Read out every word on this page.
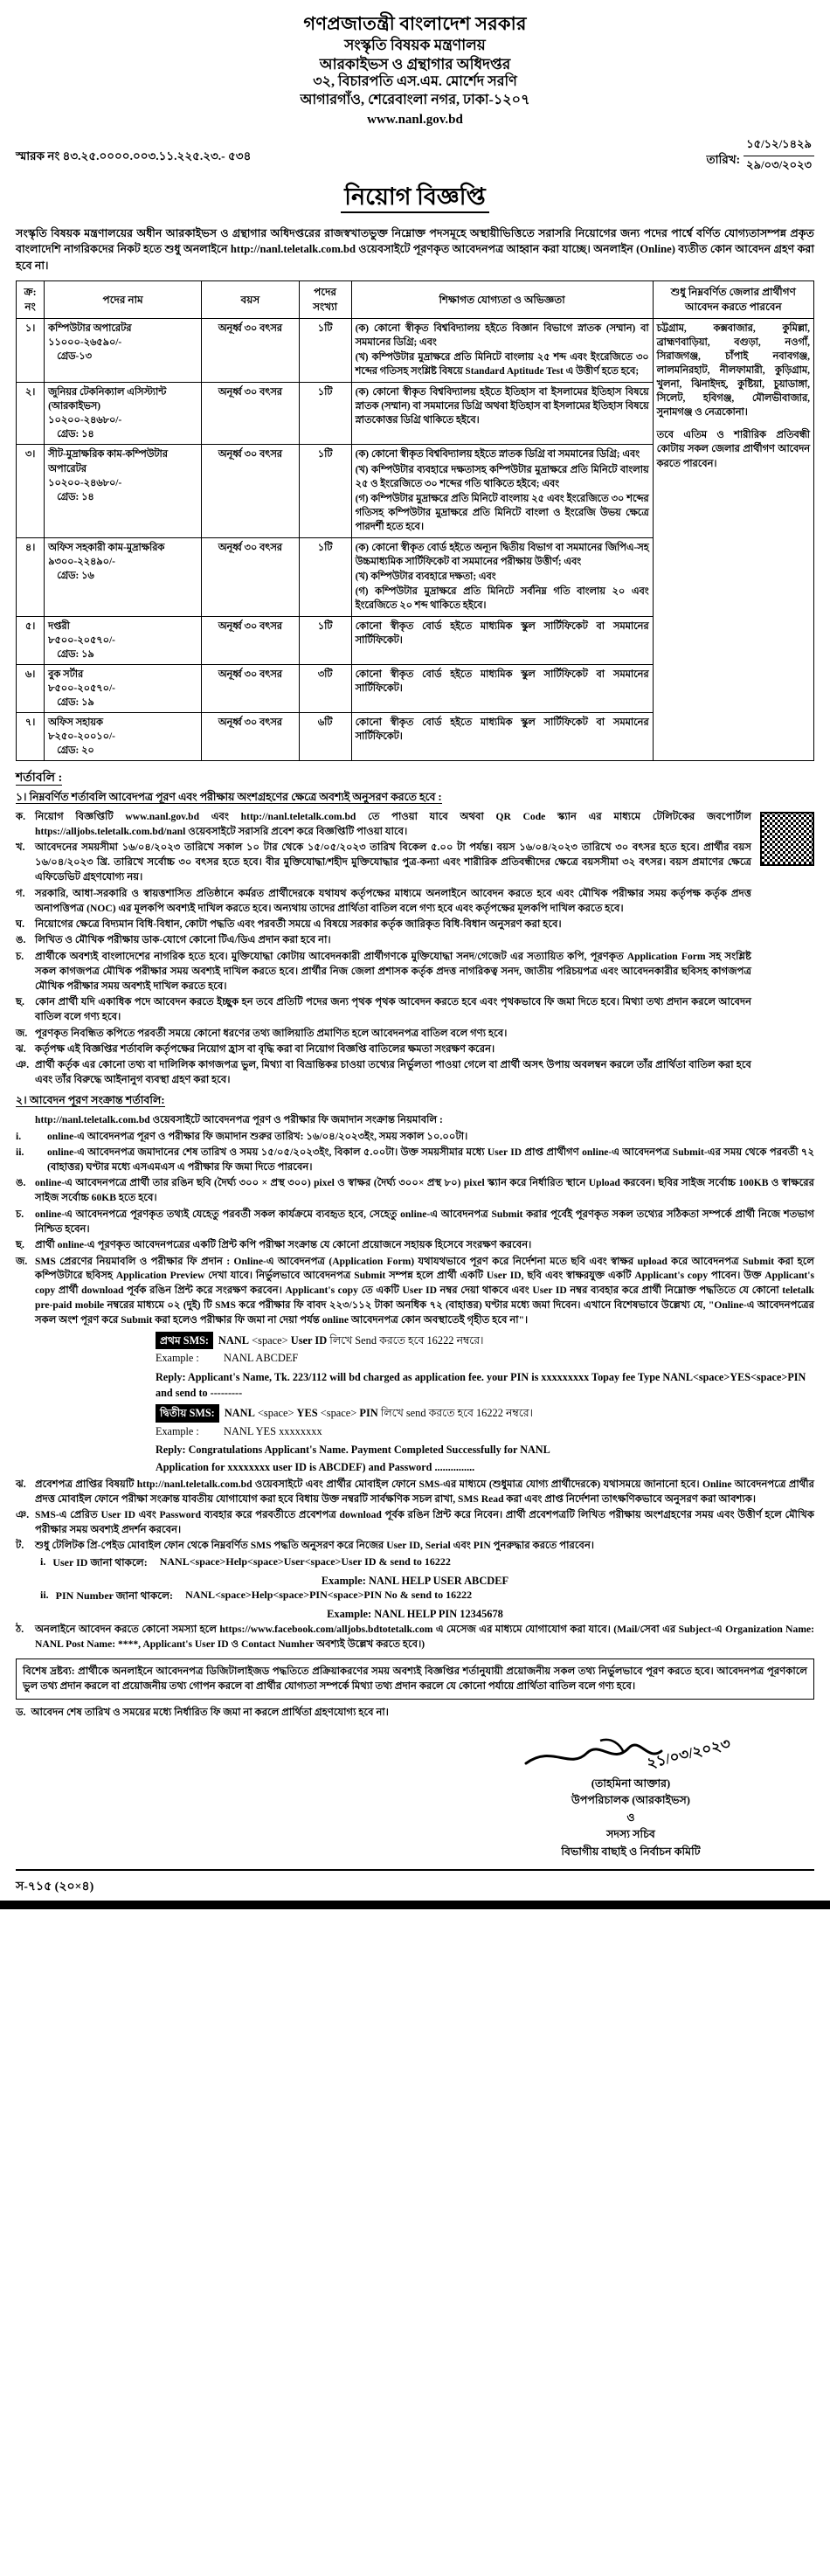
গণপ্রজাতন্ত্রী বাংলাদেশ সরকার
সংস্কৃতি বিষয়ক মন্ত্রণালয়
আরকাইভস ও গ্রন্থাগার অধিদপ্তর
৩২, বিচারপতি এস.এম. মোর্শেদ সরণি
আগারগাঁও, শেরেবাংলা নগর, ঢাকা-১২০৭
www.nanl.gov.bd
স্মারক নং ৪৩.২৫.০০০০.০০৩.১১.২২৫.২৩.- ৫৩৪	তারিখ:
১৫/১২/১৪২৯
২৯/০৩/২০২৩
নিয়োগ বিজ্ঞপ্তি
সংস্কৃতি বিষয়ক মন্ত্রণালয়ের অধীন আরকাইভস ও গ্রন্থাগার অধিদপ্তরের রাজস্বখাতভুক্ত নিম্নোক্ত পদসমূহে অস্থায়ীভিত্তিতে সরাসরি নিয়োগের জন্য পদের পার্শ্বে বর্ণিত যোগ্যতাসম্পন্ন প্রকৃত বাংলাদেশি নাগরিকদের নিকট হতে শুধু অনলাইনে http://nanl.teletalk.com.bd ওয়েবসাইটে পূরণকৃত আবেদনপত্র আহ্বান করা যাচ্ছে। অনলাইন (Online) ব্যতীত কোন আবেদন গ্রহণ করা হবে না।
ক্র: নং	পদের নাম	বয়স	পদের সংখ্যা	শিক্ষাগত যোগ্যতা ও অভিজ্ঞতা	শুধু নিম্নবর্ণিত জেলার প্রার্থীগণ আবেদন করতে পারবেন
১।	কম্পিউটার অপারেটর
১১০০০-২৬৫৯০/-
গ্রেড-১৩
	অনূর্ধ্ব ৩০ বৎসর	১টি	(ক) কোনো স্বীকৃত বিশ্ববিদ্যালয় হইতে বিজ্ঞান বিভাগে স্নাতক (সম্মান) বা সমমানের ডিগ্রি; এবং
(খ) কম্পিউটার মুদ্রাক্ষরে প্রতি মিনিটে বাংলায় ২৫ শব্দ এবং ইংরেজিতে ৩০ শব্দের গতিসহ সংশ্লিষ্ট বিষয়ে Standard Aptitude Test এ উত্তীর্ণ হতে হবে;
	চট্টগ্রাম, কক্সবাজার, কুমিল্লা, ব্রাহ্মণবাড়িয়া, বগুড়া, নওগাঁ, সিরাজগঞ্জ, চাঁপাই নবাবগঞ্জ, লালমনিরহাট, নীলফামারী, কুড়িগ্রাম, খুলনা, ঝিনাইদহ, কুষ্টিয়া, চুয়াডাঙ্গা, সিলেট, হবিগঞ্জ, মৌলভীবাজার, সুনামগঞ্জ ও নেত্রকোনা।
তবে এতিম ও শারীরিক প্রতিবন্ধী কোটায় সকল জেলার প্রার্থীগণ আবেদন করতে পারবেন।

২।	জুনিয়র টেকনিক্যাল এসিস্ট্যান্ট (আরকাইভস)
১০২০০-২৪৬৮০/-
গ্রেড: ১৪	অনূর্ধ্ব ৩০ বৎসর	১টি	(ক) কোনো স্বীকৃত বিশ্ববিদ্যালয় হইতে ইতিহাস বা ইসলামের ইতিহাস বিষয়ে স্নাতক (সম্মান) বা সমমানের ডিগ্রি অথবা ইতিহাস বা ইসলামের ইতিহাস বিষয়ে স্নাতকোত্তর ডিগ্রি থাকিতে হইবে।	

৩।	সীট-মুদ্রাক্ষরিক কাম-কম্পিউটার অপারেটর
১০২০০-২৪৬৮০/-
গ্রেড: ১৪
	অনূর্ধ্ব ৩০ বৎসর	১টি	(ক) কোনো স্বীকৃত বিশ্ববিদ্যালয় হইতে স্নাতক ডিগ্রি বা সমমানের ডিগ্রি; এবং
(খ) কম্পিউটার ব্যবহারে দক্ষতাসহ কম্পিউটার মুদ্রাক্ষরে প্রতি মিনিটে বাংলায় ২৫ ও ইংরেজিতে ৩০ শব্দের গতি থাকিতে হইবে; এবং
(গ) কম্পিউটার মুদ্রাক্ষরে প্রতি মিনিটে বাংলায় ২৫ এবং ইংরেজিতে ৩০ শব্দের গতিসহ কম্পিউটার মুদ্রাক্ষরে প্রতি মিনিটে বাংলা ও ইংরেজি উভয় ক্ষেত্রে পারদর্শী হতে হবে।

৪।	অফিস সহকারী কাম-মুদ্রাক্ষরিক
৯৩০০-২২৪৯০/-
গ্রেড: ১৬
	অনূর্ধ্ব ৩০ বৎসর	১টি	(ক) কোনো স্বীকৃত বোর্ড হইতে অন্যূন দ্বিতীয় বিভাগ বা সমমানের জিপিএ-সহ উচ্চমাধ্যমিক সার্টিফিকেট বা সমমানের পরীক্ষায় উত্তীর্ণ; এবং
(খ) কম্পিউটার ব্যবহারে দক্ষতা; এবং
(গ) কম্পিউটার মুদ্রাক্ষরে প্রতি মিনিটে সর্বনিম্ন গতি বাংলায় ২০ এবং ইংরেজিতে ২০ শব্দ থাকিতে হইবে।

৫।	দপ্তরী
৮৫০০-২০৫৭০/-
গ্রেড: ১৯	অনূর্ধ্ব ৩০ বৎসর	১টি	কোনো স্বীকৃত বোর্ড হইতে মাধ্যমিক স্কুল সার্টিফিকেট বা সমমানের সার্টিফিকেট।	

৬।	বুক সর্টার
৮৫০০-২০৫৭০/-
গ্রেড: ১৯	অনূর্ধ্ব ৩০ বৎসর	৩টি	কোনো স্বীকৃত বোর্ড হইতে মাধ্যমিক স্কুল সার্টিফিকেট বা সমমানের সার্টিফিকেট।	

৭।	অফিস সহায়ক
৮২৫০-২০০১০/-
গ্রেড: ২০	অনূর্ধ্ব ৩০ বৎসর	৬টি	কোনো স্বীকৃত বোর্ড হইতে মাধ্যমিক স্কুল সার্টিফিকেট বা সমমানের সার্টিফিকেট।	
শর্তাবলি :
১। নিম্নবর্ণিত শর্তাবলি আবেদপত্র পূরণ এবং পরীক্ষায় অংশগ্রহণের ক্ষেত্রে অবশ্যই অনুসরণ করতে হবে :
ক. নিয়োগ বিজ্ঞপ্তিটি www.nanl.gov.bd এবং http://nanl.teletalk.com.bd তে পাওয়া যাবে অথবা QR Code স্ক্যান এর মাধ্যমে টেলিটকের জবপোর্টাল https://alljobs.teletalk.com.bd/nanl ওয়েবসাইটে সরাসরি প্রবেশ করে বিজ্ঞপ্তিটি পাওয়া যাবে।
খ. আবেদনের সময়সীমা ১৬/০৪/২০২৩ তারিখে সকাল ১০ টার থেকে ১৫/০৫/২০২৩ তারিখ বিকেল ৫.০০ টা পর্যন্ত। বয়স ১৬/০৪/২০২৩ তারিখে ৩০ বৎসর হতে হবে। প্রার্থীর বয়স ১৬/০৪/২০২৩ খ্রি. তারিখে সর্বোচ্চ ৩০ বৎসর হতে হবে। বীর মুক্তিযোদ্ধা/শহীদ মুক্তিযোদ্ধার পুত্র-কন্যা এবং শারীরিক প্রতিবন্ধীদের ক্ষেত্রে বয়সসীমা ৩২ বৎসর। বয়স প্রমাণের ক্ষেত্রে এফিডেভিট গ্রহণযোগ্য নয়।
গ. সরকারি, আধা-সরকারি ও স্বায়ত্তশাসিত প্রতিষ্ঠানে কর্মরত প্রার্থীদেরকে যথাযথ কর্তৃপক্ষের মাধ্যমে অনলাইনে আবেদন করতে হবে এবং মৌখিক পরীক্ষার সময় কর্তৃপক্ষ কর্তৃক প্রদত্ত অনাপত্তিপত্র (NOC) এর মূলকপি অবশ্যই দাখিল করতে হবে। অন্যথায় তাদের প্রার্থিতা বাতিল বলে গণ্য হবে এবং কর্তৃপক্ষের মূলকপি দাখিল করতে হবে।
ঘ.	নিয়োগের ক্ষেত্রে বিদ্যমান বিধি-বিধান, কোটা পদ্ধতি এবং পরবর্তী সময়ে এ বিষয়ে সরকার কর্তৃক জারিকৃত বিধি-বিধান অনুসরণ করা হবে।
ঙ. লিখিত ও মৌখিক পরীক্ষায় ডাক-যোগে কোনো টিএ/ডিএ প্রদান করা হবে না।
চ.	প্রার্থীকে অবশ্যই বাংলাদেশের নাগরিক হতে হবে। মুক্তিযোদ্ধা কোটায় আবেদনকারী প্রার্থীগণকে মুক্তিযোদ্ধা সনদ/গেজেট এর সত্যায়িত কপি, পূরণকৃত Application Form সহ সংশ্লিষ্ট সকল কাগজপত্র মৌখিক পরীক্ষার সময় অবশ্যই দাখিল করতে হবে। প্রার্থীর নিজ জেলা প্রশাসক কর্তৃক প্রদত্ত নাগরিকত্ব সনদ, জাতীয় পরিচয়পত্র এবং আবেদনকারীর ছবিসহ কাগজপত্র মৌখিক পরীক্ষার সময় অবশ্যই দাখিল করতে হবে।
ছ.	কোন প্রার্থী যদি একাধিক পদে আবেদন করতে ইচ্ছুক হন তবে প্রতিটি পদের জন্য পৃথক পৃথক আবেদন করতে হবে এবং পৃথকভাবে ফি জমা দিতে হবে। মিথ্যা তথ্য প্রদান করলে আবেদন বাতিল বলে গণ্য হবে।
জ. পূরণকৃত নিবন্ধিত কপিতে পরবর্তী সময়ে কোনো ধরণের তথ্য জালিয়াতি প্রমাণিত হলে আবেদনপত্র বাতিল বলে গণ্য হবে।
ঝ. কর্তৃপক্ষ এই বিজ্ঞপ্তির শর্তাবলি কর্তৃপক্ষের নিয়োগ হ্রাস বা বৃদ্ধি করা বা নিয়োগ বিজ্ঞপ্তি বাতিলের ক্ষমতা সংরক্ষণ করেন।
ঞ. প্রার্থী কর্তৃক এর কোনো তথ্য বা দালিলিক কাগজপত্র ভুল, মিথ্যা বা বিভ্রান্তিকর চাওয়া তথ্যের নির্ভুলতা পাওয়া গেলে বা প্রার্থী অসৎ উপায় অবলম্বন করলে তাঁর প্রার্থিতা বাতিল করা হবে এবং তাঁর বিরুদ্ধে আইনানুগ ব্যবস্থা গ্রহণ করা হবে।
২। আবেদন পূরণ সংক্রান্ত শর্তাবলি:

http://nanl.teletalk.com.bd ওয়েবসাইটে আবেদনপত্র পূরণ ও পরীক্ষার ফি জমাদান সংক্রান্ত নিয়মাবলি :
i.	online-এ আবেদনপত্র পূরণ ও পরীক্ষার ফি জমাদান শুরুর তারিখ: ১৬/০৪/২০২৩ইং, সময় সকাল ১০.০০টা।
ii.	online-এ আবেদনপত্র জমাদানের শেষ তারিখ ও সময় ১৫/০৫/২০২৩ইং, বিকাল ৫.০০টা। উক্ত সময়সীমার মধ্যে User ID প্রাপ্ত প্রার্থীগণ online-এ আবেদনপত্র Submit-এর সময় থেকে পরবর্তী ৭২ (বাহাত্তর) ঘণ্টার মধ্যে এসএমএস এ পরীক্ষার ফি জমা দিতে পারবেন।
ঙ. online-এ আবেদনপত্রে প্রার্থী তার রঙিন ছবি (দৈর্ঘ্য ৩০০ × প্রস্থ ৩০০) pixel ও স্বাক্ষর (দৈর্ঘ্য ৩০০× প্রস্থ ৮০) pixel স্ক্যান করে নির্ধারিত স্থানে Upload করবেন। ছবির সাইজ সর্বোচ্চ 100KB ও স্বাক্ষরের সাইজ সর্বোচ্চ 60KB হতে হবে।
চ.	online-এ আবেদনপত্রে পূরণকৃত তথ্যই যেহেতু পরবর্তী সকল কার্যক্রমে ব্যবহৃত হবে, সেহেতু online-এ আবেদনপত্র Submit করার পূর্বেই পূরণকৃত সকল তথ্যের সঠিকতা সম্পর্কে প্রার্থী নিজে শতভাগ নিশ্চিত হবেন।
ছ.	প্রার্থী online-এ পূরণকৃত আবেদনপত্রের একটি প্রিন্ট কপি পরীক্ষা সংক্রান্ত যে কোনো প্রয়োজনে সহায়ক হিসেবে সংরক্ষণ করবেন।
জ. SMS প্রেরণের নিয়মাবলি ও পরীক্ষার ফি প্রদান : Online-এ আবেদনপত্র (Application Form) যথাযথভাবে পূরণ করে নির্দেশনা মতে ছবি এবং স্বাক্ষর upload করে আবেদনপত্র Submit করা হলে কম্পিউটারে ছবিসহ Application Preview দেখা যাবে। নির্ভুলভাবে আবেদনপত্র Submit সম্পন্ন হলে প্রার্থী একটি User ID, ছবি এবং স্বাক্ষরযুক্ত একটি Applicant's copy পাবেন। উক্ত Applicant's copy প্রার্থী download পূর্বক রঙিন প্রিন্ট করে সংরক্ষণ করবেন। Applicant's copy তে একটি User ID নম্বর দেয়া থাকবে এবং User ID নম্বর ব্যবহার করে প্রার্থী নিম্নোক্ত পদ্ধতিতে যে কোনো teletalk pre-paid mobile নম্বরের মাধ্যমে ০২ (দুই) টি SMS করে পরীক্ষার ফি বাবদ ২২৩/১১২ টাকা অনধিক ৭২ (বাহাত্তর) ঘণ্টার মধ্যে জমা দিবেন। এখানে বিশেষভাবে উল্লেখ্য যে, "Online-এ আবেদনপত্রের সকল অংশ পূরণ করে Submit করা হলেও পরীক্ষার ফি জমা না দেয়া পর্যন্ত online আবেদনপত্র কোন অবস্থাতেই গৃহীত হবে না"।
প্রথম SMS: NANL <space> User ID লিখে Send করতে হবে 16222 নম্বরে।
Example :	NANL ABCDEF
Reply: Applicant's Name, Tk. 223/112 will bd charged as application fee. your PIN is xxxxxxxxx Topay fee Type NANL<space>YES<space>PIN and send to ---------
দ্বিতীয় SMS: NANL <space> YES <space> PIN লিখে send করতে হবে 16222 নম্বরে।
Example :	NANL YES xxxxxxxx
Reply: Congratulations Applicant's Name. Payment Completed Successfully for NANL
Application for xxxxxxxx user ID is ABCDEF) and Password ...............
ঝ. প্রবেশপত্র প্রাপ্তির বিষয়টি http://nanl.teletalk.com.bd ওয়েবসাইটে এবং প্রার্থীর মোবাইল ফোনে SMS-এর মাধ্যমে (শুধুমাত্র যোগ্য প্রার্থীদেরকে) যথাসময়ে জানানো হবে। Online আবেদনপত্রে প্রার্থীর প্রদত্ত মোবাইল ফোনে পরীক্ষা সংক্রান্ত যাবতীয় যোগাযোগ করা হবে বিধায় উক্ত নম্বরটি সার্বক্ষণিক সচল রাখা, SMS Read করা এবং প্রাপ্ত নির্দেশনা তাৎক্ষণিকভাবে অনুসরণ করা আবশ্যক।
ঞ. SMS-এ প্রেরিত User ID এবং Password ব্যবহার করে পরবর্তীতে প্রবেশপত্র download পূর্বক রঙিন প্রিন্ট করে নিবেন। প্রার্থী প্রবেশপত্রটি লিখিত পরীক্ষায় অংশগ্রহণের সময় এবং উত্তীর্ণ হলে মৌখিক পরীক্ষার সময় অবশ্যই প্রদর্শন করবেন।
ট.	শুধু টেলিটক প্রি-পেইড মোবাইল ফোন থেকে নিম্নবর্ণিত SMS পদ্ধতি অনুসরণ করে নিজের User ID, Serial এবং PIN পুনরুদ্ধার করতে পারবেন।
i. User ID জানা থাকলে: NANL<space>Help<space>User<space>User ID & send to 16222
Example: NANL HELP USER ABCDEF
ii. PIN Number জানা থাকলে: NANL<space>Help<space>PIN<space>PIN No & send to 16222
Example: NANL HELP PIN 12345678
ঠ.	অনলাইনে আবেদন করতে কোনো সমস্যা হলে https://www.facebook.com/alljobs.bdtotetalk.com এ মেসেজ এর মাধ্যমে যোগাযোগ করা যাবে। (Mail/সেবা এর Subject-এ Organization Name: NANL Post Name: ****, Applicant's User ID ও Contact Numher অবশ্যই উল্লেখ করতে হবে।)
বিশেষ দ্রষ্টব্য: প্রার্থীকে অনলাইনে আবেদনপত্র ডিজিটালাইজড পদ্ধতিতে প্রক্রিয়াকরণের সময় অবশ্যই বিজ্ঞপ্তির শর্তানুযায়ী প্রয়োজনীয় সকল তথ্য নির্ভুলভাবে পূরণ করতে হবে। আবেদনপত্র পূরণকালে ভুল তথ্য প্রদান করলে বা প্রয়োজনীয় তথ্য গোপন করলে বা প্রার্থীর যোগ্যতা সম্পর্কে মিথ্যা তথ্য প্রদান করলে যে কোনো পর্যায়ে প্রার্থিতা বাতিল বলে গণ্য হবে।
ড. আবেদন শেষ তারিখ ও সময়ের মধ্যে নির্ধারিত ফি জমা না করলে প্রার্থিতা গ্রহণযোগ্য হবে না।
২১/০৩/২০২৩
(তাহমিনা আক্তার)
উপপরিচালক (আরকাইভস)
ও
সদস্য সচিব
বিভাগীয় বাছাই ও নির্বাচন কমিটি
স-৭১৫ (২০×৪)
